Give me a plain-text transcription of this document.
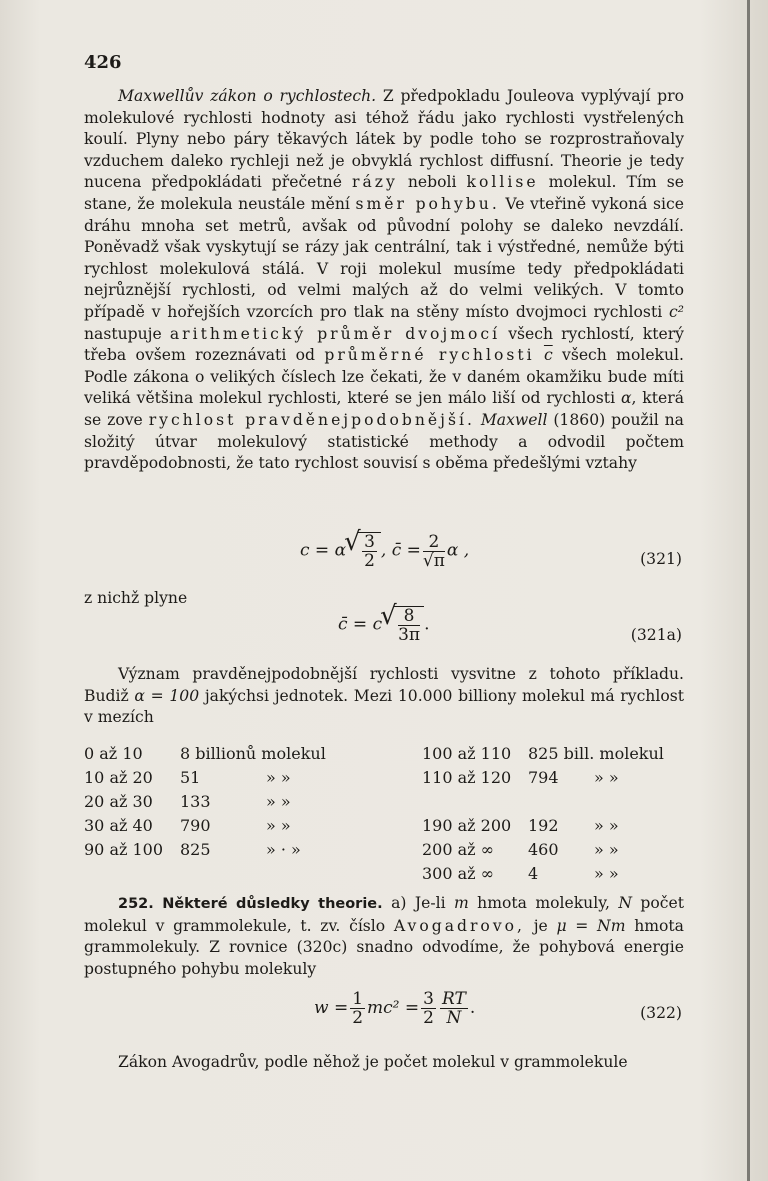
426

Maxwellův zákon o rychlostech. Z předpokladu Jouleova vyplývají pro molekulové rychlosti hodnoty asi téhož řádu jako rychlosti vystřelených koulí. Plyny nebo páry těkavých látek by podle toho se rozprostraňovaly vzduchem daleko rychleji než je obvyklá rychlost diffusní. Theorie je tedy nucena předpokládati přečetné rázy neboli kollise molekul. Tím se stane, že molekula neustále mění směr pohybu. Ve vteřině vykoná sice dráhu mnoha set metrů, avšak od původní polohy se daleko nevzdálí. Poněvadž však vyskytují se rázy jak centrální, tak i výstředné, nemůže býti rychlost molekulová stálá. V roji molekul musíme tedy předpokládati nejrůznější rychlosti, od velmi malých až do velmi velikých. V tomto případě v hořejších vzorcích pro tlak na stěny místo dvojmoci rychlosti c² nastupuje arithmetický průměr dvojmocí všech rychlostí, který třeba ovšem rozeznávati od průměrné rychlosti $\overline{c}$ všech molekul. Podle zákona o velikých číslech lze čekati, že v daném okamžiku bude míti veliká většina molekul rychlosti, které se jen málo liší od rychlosti α, která se zove rychlost pravděnejpodobnější. Maxwell (1860) použil na složitý útvar molekulový statistické methody a odvodil počtem pravděpodobnosti, že tato rychlost souvisí s oběma předešlými vztahy

c = α √ $\frac{3}{2}$ , c̄ = $\frac{2}{√\pi}$ α ,	(321)
z nichž plyne
c̄ = c √ $\frac{8}{3\pi}$ .
(321a)

Význam pravděnejpodobnější rychlosti vysvitne z tohoto příkladu. Budiž α = 100 jakýchsi jednotek. Mezi 10.000 billiony molekul má rychlost v mezích

0 až 10	8 billionů molekul		100 až 110	825 bill. molekul	
10 až 20	51	» »	110 až 120	794	» »
20 až 30	133	» »			
30 až 40	790	» »	190 až 200	192	» »
90 až 100	825	» · »	200 až ∞	460	» »
			300 až ∞	4	» »

252. Některé důsledky theorie. a) Je-li m hmota molekuly, N počet molekul v grammolekule, t. zv. číslo Avogadrovo, je μ = Nm hmota grammolekuly. Z rovnice (320c) snadno odvodíme, že pohybová energie postupného pohybu molekuly

$w = \frac{1}{2} mc^2 = \frac{3}{2} \frac{RT}{N}$ .	(322)

Zákon Avogadrův, podle něhož je počet molekul v grammolekule
